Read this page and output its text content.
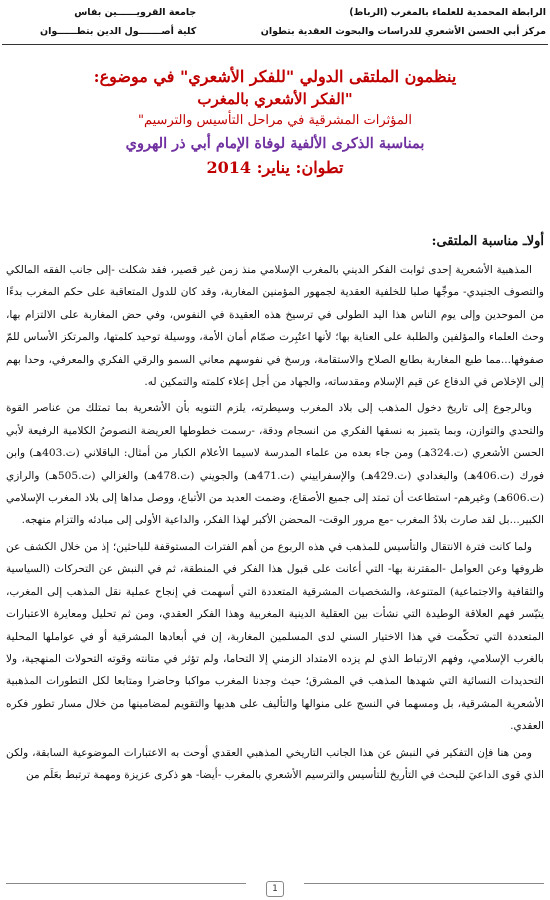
الرابطة المحمدية للعلماء بالمغرب (الرباط)
مركز أبي الحسن الأشعري للدراسات والبحوث العقدية بتطوان
جامعة القرويــــــين بفاس
كلية أصـــــــول الدين بتطــــــوان
ينظمون الملتقى الدولي "للفكر الأشعري" في موضوع:
"الفكر الأشعري بالمغرب
المؤثرات المشرقية في مراحل التأسيس والترسيم"
بمناسبة الذكرى الألفية لوفاة الإمام أبي ذر الهروي
تطوان: يناير: 2014
أولاـ مناسبة الملتقى:

المذهبية الأشعرية إحدى ثوابت الفكر الديني بالمغرب الإسلامي منذ زمن غير قصير، فقد شكلت -إلى جانب الفقه المالكي والتصوف الجنيدي- موجِّها صلبا للخلفية العقدية لجمهور المؤمنين المغاربة، وقد كان للدول المتعاقبة على حكم المغرب بدءًا من الموحدين وإلى يوم الناس هذا اليد الطولى في ترسيخ هذه العقيدة في النفوس، وفي حض المغاربة على الالتزام بها، وحث العلماء والمؤلفين والطلبة على العناية بها؛ لأنها اعتُبِرت صمّام أمان الأمة، ووسيلة توحيد كلمتها، والمرتكز الأساس للمّ صفوفها...مما طبع المغاربة بطابع الصلاح والاستقامة، ورسخ في نفوسهم معاني السمو والرقي الفكري والمعرفي، وحدا بهم إلى الإخلاص في الدفاع عن قيم الإسلام ومقدساته، والجهاد من أجل إعلاء كلمته والتمكين له.

وبالرجوع إلى تاريخ دخول المذهب إلى بلاد المغرب وسيطرته، يلزم التنويه بأن الأشعرية بما تمتلك من عناصر القوة والتحدي والتوازن، وبما يتميز به نسقها الفكري من انسجام ودقة، -رسمت خطوطها العريضة النصوصُ الكلامية الرفيعة لأبي الحسن الأشعري (ت.324هـ) ومن جاء بعده من علماء المدرسة لاسيما الأعلام الكبار من أمثال: الباقلاني (ت.403هـ) وابن فورك (ت.406هـ) والبغدادي (ت.429هـ) والإسفراييني (ت.471هـ) والجويني (ت.478هـ) والغزالي (ت.505هـ) والرازي (ت.606هـ) وغيرهم- استطاعت أن تمتد إلى جميع الأصقاع، وضمت العديد من الأتباع، ووصل مداها إلى بلاد المغرب الإسلامي الكبير...بل لقد صارت بلادُ المغرب -مع مرور الوقت- المحضن الأكبر لهذا الفكر، والداعية الأولى إلى مبادئه والتزام منهجه.

ولما كانت فترة الانتقال والتأسيس للمذهب في هذه الربوع من أهم الفترات المستوقفة للباحثين؛ إذ من خلال الكشف عن ظروفها وعن العوامل -المقترنة بها- التي أعانت على قبول هذا الفكر في المنطقة، ثم في النبش عن التحركات (السياسية والثقافية والاجتماعية) المتنوعة، والشخصيات المشرقية المتعددة التي أسهمت في إنجاح عملية نقل المذهب إلى المغرب، يتيّسر فهم العلاقة الوطيدة التي نشأت بين العقلية الدينية المغربية وهذا الفكر العقدي، ومن ثم تحليل ومعايرة الاعتبارات المتعددة التي تحكّمت في هذا الاختيار السني لدى المسلمين المغاربة، إن في أبعادها المشرقية أو في عواملها المحلية بالغرب الإسلامي، وفهم الارتباط الذي لم يزده الامتداد الزمني إلا التحاما، ولم تؤثر في متانته وقوته التحولات المنهجية، ولا التحديدات النسائية التي شهدها المذهب في المشرق؛ حيث وجدنا المغرب مواكبا وحاضرا ومتابعا لكل التطورات المذهبية الأشعرية المشرقية، بل ومسهما في النسج على منوالها والتأليف على هديها والتقويم لمضامينها من خلال مسار تطور فكره العقدي.

ومن هنا فإن التفكير في النبش عن هذا الجانب التاريخي المذهبي العقدي أوحت به الاعتبارات الموضوعية السابقة، ولكن الذي قوى الداعيَ للبحث في التأريخ للتأسيس والترسيم الأشعري بالمغرب -أيضا- هو ذكرى عزيزة ومهمة ترتبط بعَلَم من

1
